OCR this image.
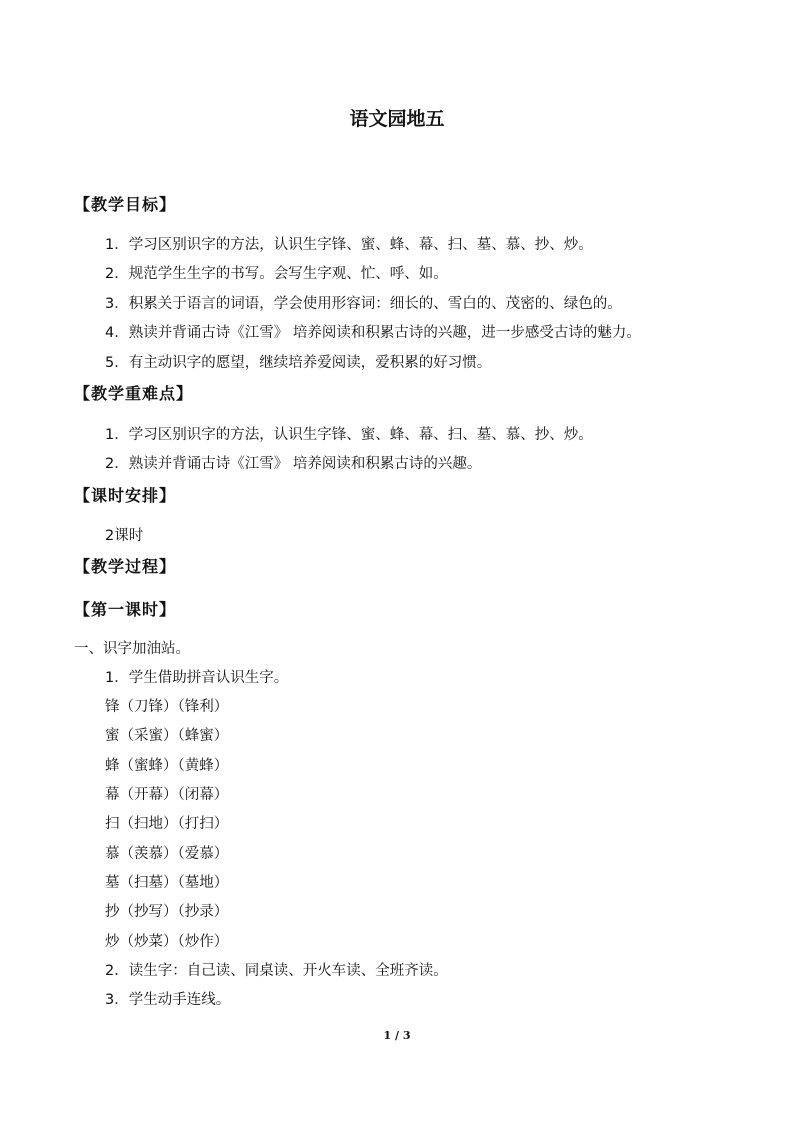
语文园地五
【教学目标】
1．学习区别识字的方法，认识生字锋、蜜、蜂、幕、扫、墓、慕、抄、炒。
2．规范学生生字的书写。会写生字观、忙、呼、如。
3．积累关于语言的词语，学会使用形容词：细长的、雪白的、茂密的、绿色的。
4．熟读并背诵古诗《江雪》 培养阅读和积累古诗的兴趣，进一步感受古诗的魅力。
5．有主动识字的愿望，继续培养爱阅读，爱积累的好习惯。
【教学重难点】
1．学习区别识字的方法，认识生字锋、蜜、蜂、幕、扫、墓、慕、抄、炒。
2．熟读并背诵古诗《江雪》 培养阅读和积累古诗的兴趣。
【课时安排】
2课时
【教学过程】
【第一课时】
一、识字加油站。
1．学生借助拼音认识生字。
锋（刀锋）（锋利）
蜜（采蜜）（蜂蜜）
蜂（蜜蜂）（黄蜂）
幕（开幕）（闭幕）
扫（扫地）（打扫）
慕（羡慕）（爱慕）
墓（扫墓）（墓地）
抄（抄写）（抄录）
炒（炒菜）（炒作）
2．读生字：自己读、同桌读、开火车读、全班齐读。
3．学生动手连线。
1 / 3
